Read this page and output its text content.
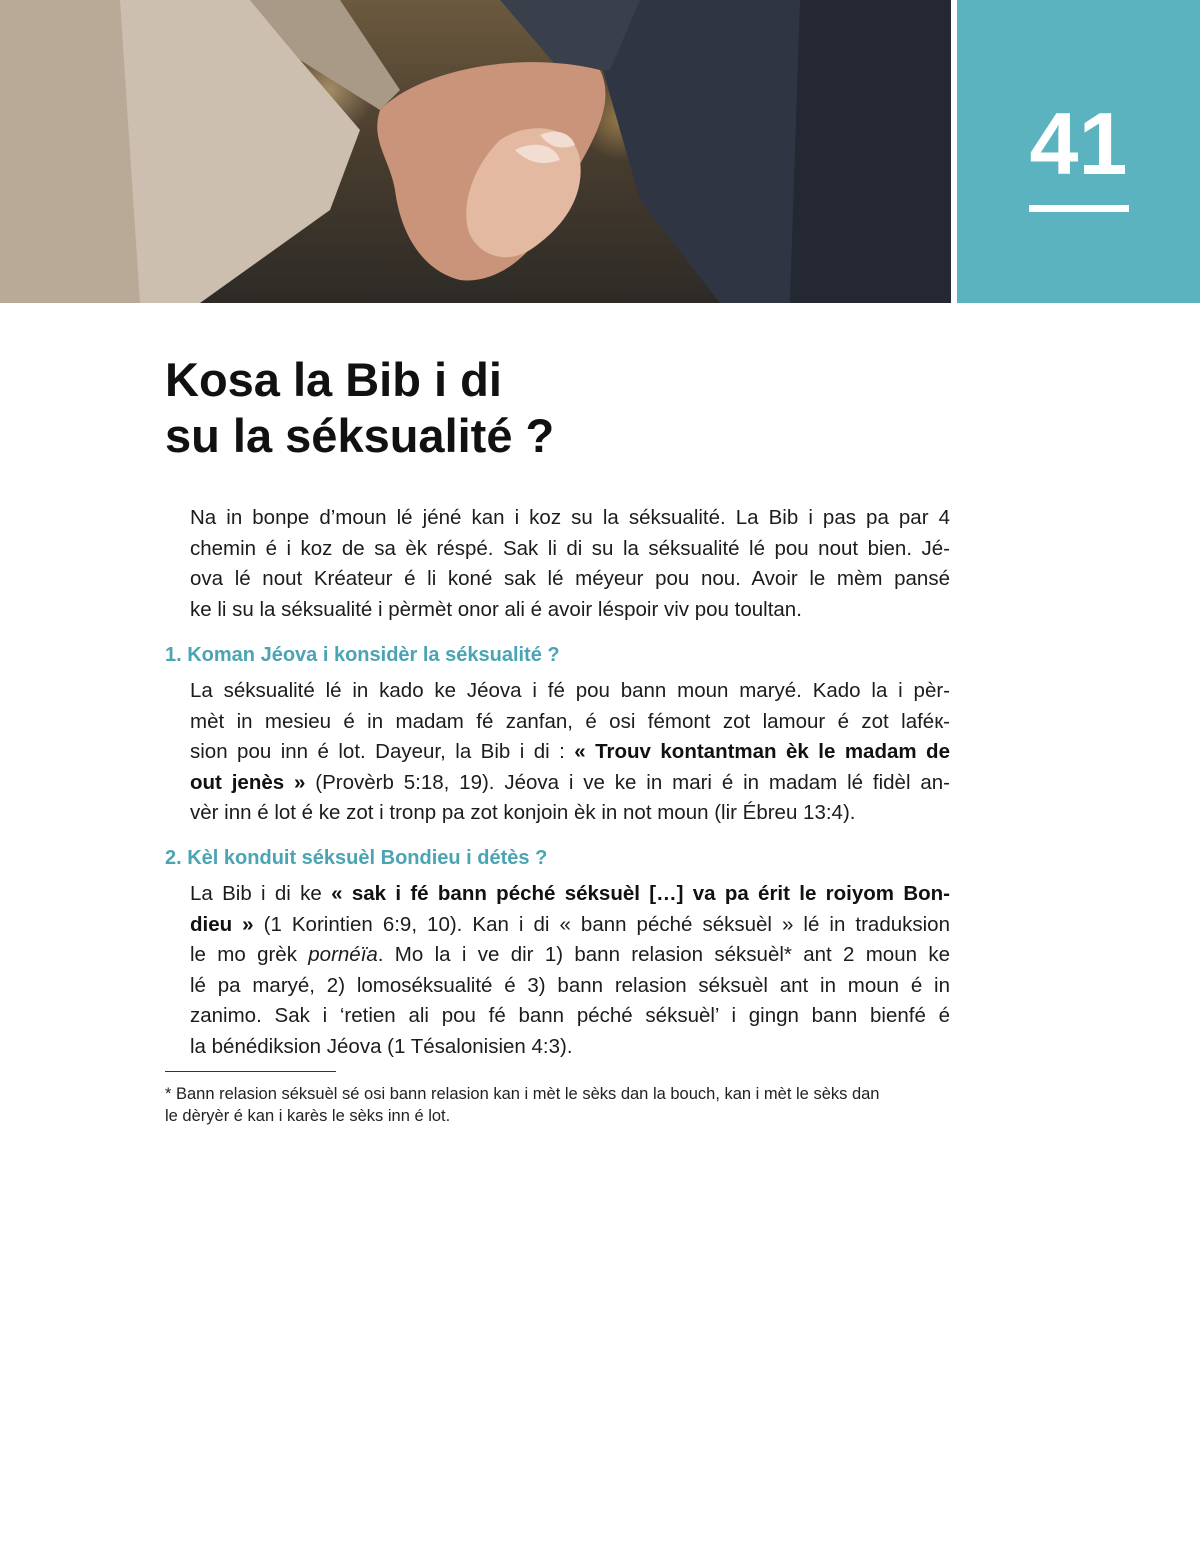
41
Kosa la Bib i di
su la séksualité ?

Na in bonpe d’moun lé jéné kan i koz su la séksualité. La Bib i pas pa par 4
chemin é i koz de sa èk réspé. Sak li di su la séksualité lé pou nout bien. Jé-
ova lé nout Kréateur é li koné sak lé méyeur pou nou. Avoir le mèm pansé
ke li su la séksualité i pèrmèt onor ali é avoir léspoir viv pou toultan.

1. Koman Jéova i konsidèr la séksualité ?

La séksualité lé in kado ke Jéova i fé pou bann moun maryé. Kado la i pèr-
mèt in mesieu é in madam fé zanfan, é osi fémont zot lamour é zot laféк-
sion pou inn é lot. Dayeur, la Bib i di : « Trouv kontantman èk le madam de
out jenès » (Provèrb 5:18, 19). Jéova i ve ke in mari é in madam lé fidèl an-
vèr inn é lot é ke zot i tronp pa zot konjoin èk in not moun (lir Ébreu 13:4).

2. Kèl konduit séksuèl Bondieu i détès ?

La Bib i di ke « sak i fé bann péché séksuèl […] va pa érit le roiyom Bon-
dieu » (1 Korintien 6:9, 10). Kan i di « bann péché séksuèl » lé in traduksion
le mo grèk pornéïa. Mo la i ve dir 1) bann relasion séksuèl* ant 2 moun ke
lé pa maryé, 2) lomoséksualité é 3) bann relasion séksuèl ant in moun é in
zanimo. Sak i ‘retien ali pou fé bann péché séksuèl’ i gingn bann bienfé é
la bénédiksion Jéova (1 Tésalonisien 4:3).

* Bann relasion séksuèl sé osi bann relasion kan i mèt le sèks dan la bouch, kan i mèt le sèks dan
le dèryèr é kan i karès le sèks inn é lot.
